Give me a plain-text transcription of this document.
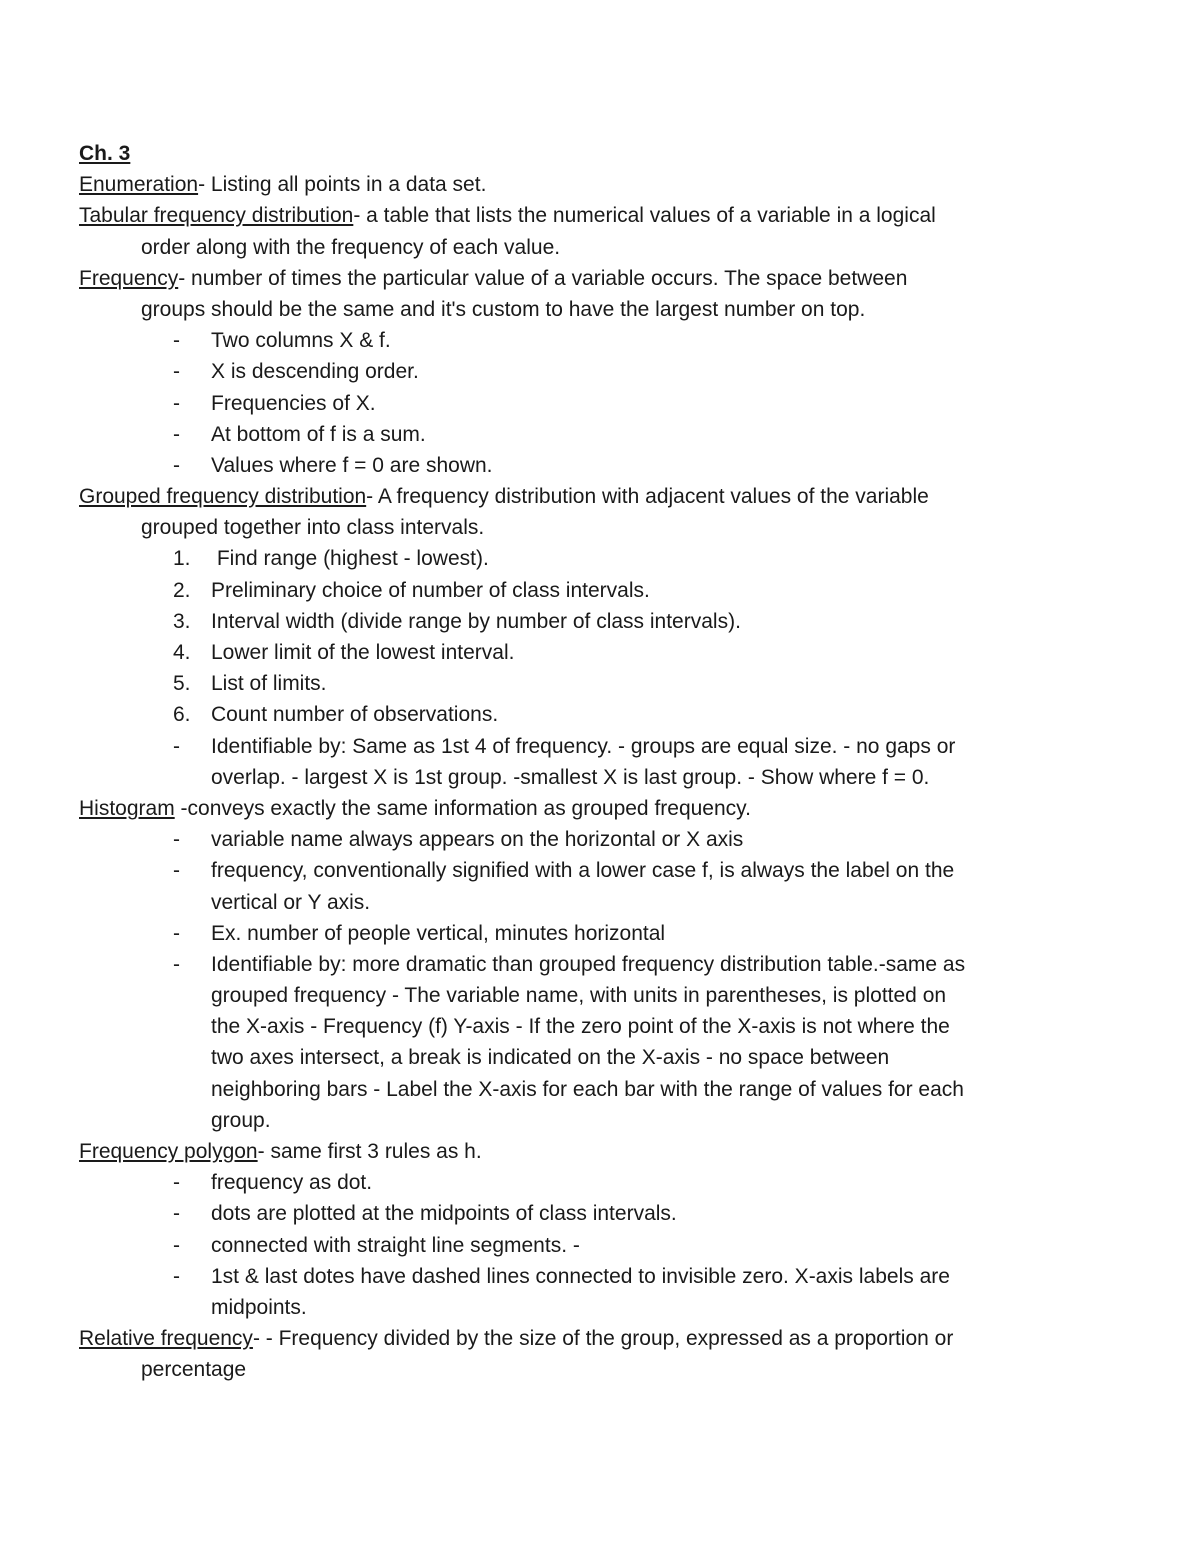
Ch. 3
Enumeration- Listing all points in a data set.
Tabular frequency distribution- a table that lists the numerical values of a variable in a logical
order along with the frequency of each value.
Frequency- number of times the particular value of a variable occurs. The space between
groups should be the same and it's custom to have the largest number on top.
- Two columns X & f.
- X is descending order.
- Frequencies of X.
- At bottom of f is a sum.
- Values where f = 0 are shown.
Grouped frequency distribution- A frequency distribution with adjacent values of the variable
grouped together into class intervals.
1. Find range (highest - lowest).
2. Preliminary choice of number of class intervals.
3. Interval width (divide range by number of class intervals).
4. Lower limit of the lowest interval.
5. List of limits.
6. Count number of observations.
- Identifiable by: Same as 1st 4 of frequency. - groups are equal size. - no gaps or
overlap. - largest X is 1st group. -smallest X is last group. - Show where f = 0.
Histogram -conveys exactly the same information as grouped frequency.
- variable name always appears on the horizontal or X axis
- frequency, conventionally signified with a lower case f, is always the label on the
vertical or Y axis.
- Ex. number of people vertical, minutes horizontal
- Identifiable by: more dramatic than grouped frequency distribution table.-same as
grouped frequency - The variable name, with units in parentheses, is plotted on
the X-axis - Frequency (f) Y-axis - If the zero point of the X-axis is not where the
two axes intersect, a break is indicated on the X-axis - no space between
neighboring bars - Label the X-axis for each bar with the range of values for each
group.
Frequency polygon- same first 3 rules as h.
- frequency as dot.
- dots are plotted at the midpoints of class intervals.
- connected with straight line segments. -
- 1st & last dotes have dashed lines connected to invisible zero. X-axis labels are
midpoints.
Relative frequency- - Frequency divided by the size of the group, expressed as a proportion or
percentage
